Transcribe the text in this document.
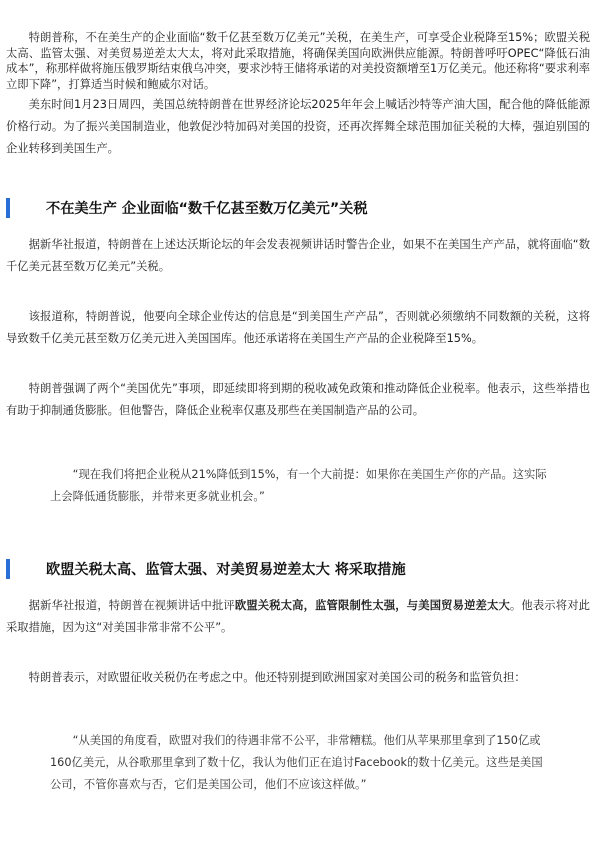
特朗普称，不在美生产的企业面临“数千亿甚至数万亿美元”关税，在美生产，可享受企业税降至15%；欧盟关税太高、监管太强、对美贸易逆差太大太，将对此采取措施，将确保美国向欧洲供应能源。特朗普呼吁OPEC“降低石油成本”，称那样做将施压俄罗斯结束俄乌冲突，要求沙特王储将承诺的对美投资额增至1万亿美元。他还称将“要求利率立即下降”，打算适当时候和鲍威尔对话。

美东时间1月23日周四，美国总统特朗普在世界经济论坛2025年年会上喊话沙特等产油大国，配合他的降低能源价格行动。为了振兴美国制造业，他敦促沙特加码对美国的投资，还再次挥舞全球范围加征关税的大棒，强迫别国的企业转移到美国生产。

不在美生产 企业面临“数千亿甚至数万亿美元”关税

据新华社报道，特朗普在上述达沃斯论坛的年会发表视频讲话时警告企业，如果不在美国生产产品，就将面临“数千亿美元甚至数万亿美元”关税。

该报道称，特朗普说，他要向全球企业传达的信息是“到美国生产产品”，否则就必须缴纳不同数额的关税，这将导致数千亿美元甚至数万亿美元进入美国国库。他还承诺将在美国生产产品的企业税降至15%。

特朗普强调了两个“美国优先”事项，即延续即将到期的税收减免政策和推动降低企业税率。他表示，这些举措也有助于抑制通货膨胀。但他警告，降低企业税率仅惠及那些在美国制造产品的公司。

“现在我们将把企业税从21%降低到15%，有一个大前提：如果你在美国生产你的产品。这实际上会降低通货膨胀，并带来更多就业机会。”

欧盟关税太高、监管太强、对美贸易逆差太大 将采取措施

据新华社报道，特朗普在视频讲话中批评欧盟关税太高，监管限制性太强，与美国贸易逆差太大。他表示将对此采取措施，因为这“对美国非常非常不公平”。

特朗普表示，对欧盟征收关税仍在考虑之中。他还特别提到欧洲国家对美国公司的税务和监管负担：

“从美国的角度看，欧盟对我们的待遇非常不公平，非常糟糕。他们从苹果那里拿到了150亿或160亿美元，从谷歌那里拿到了数十亿，我认为他们正在追讨Facebook的数十亿美元。这些是美国公司，不管你喜欢与否，它们是美国公司，他们不应该这样做。”
